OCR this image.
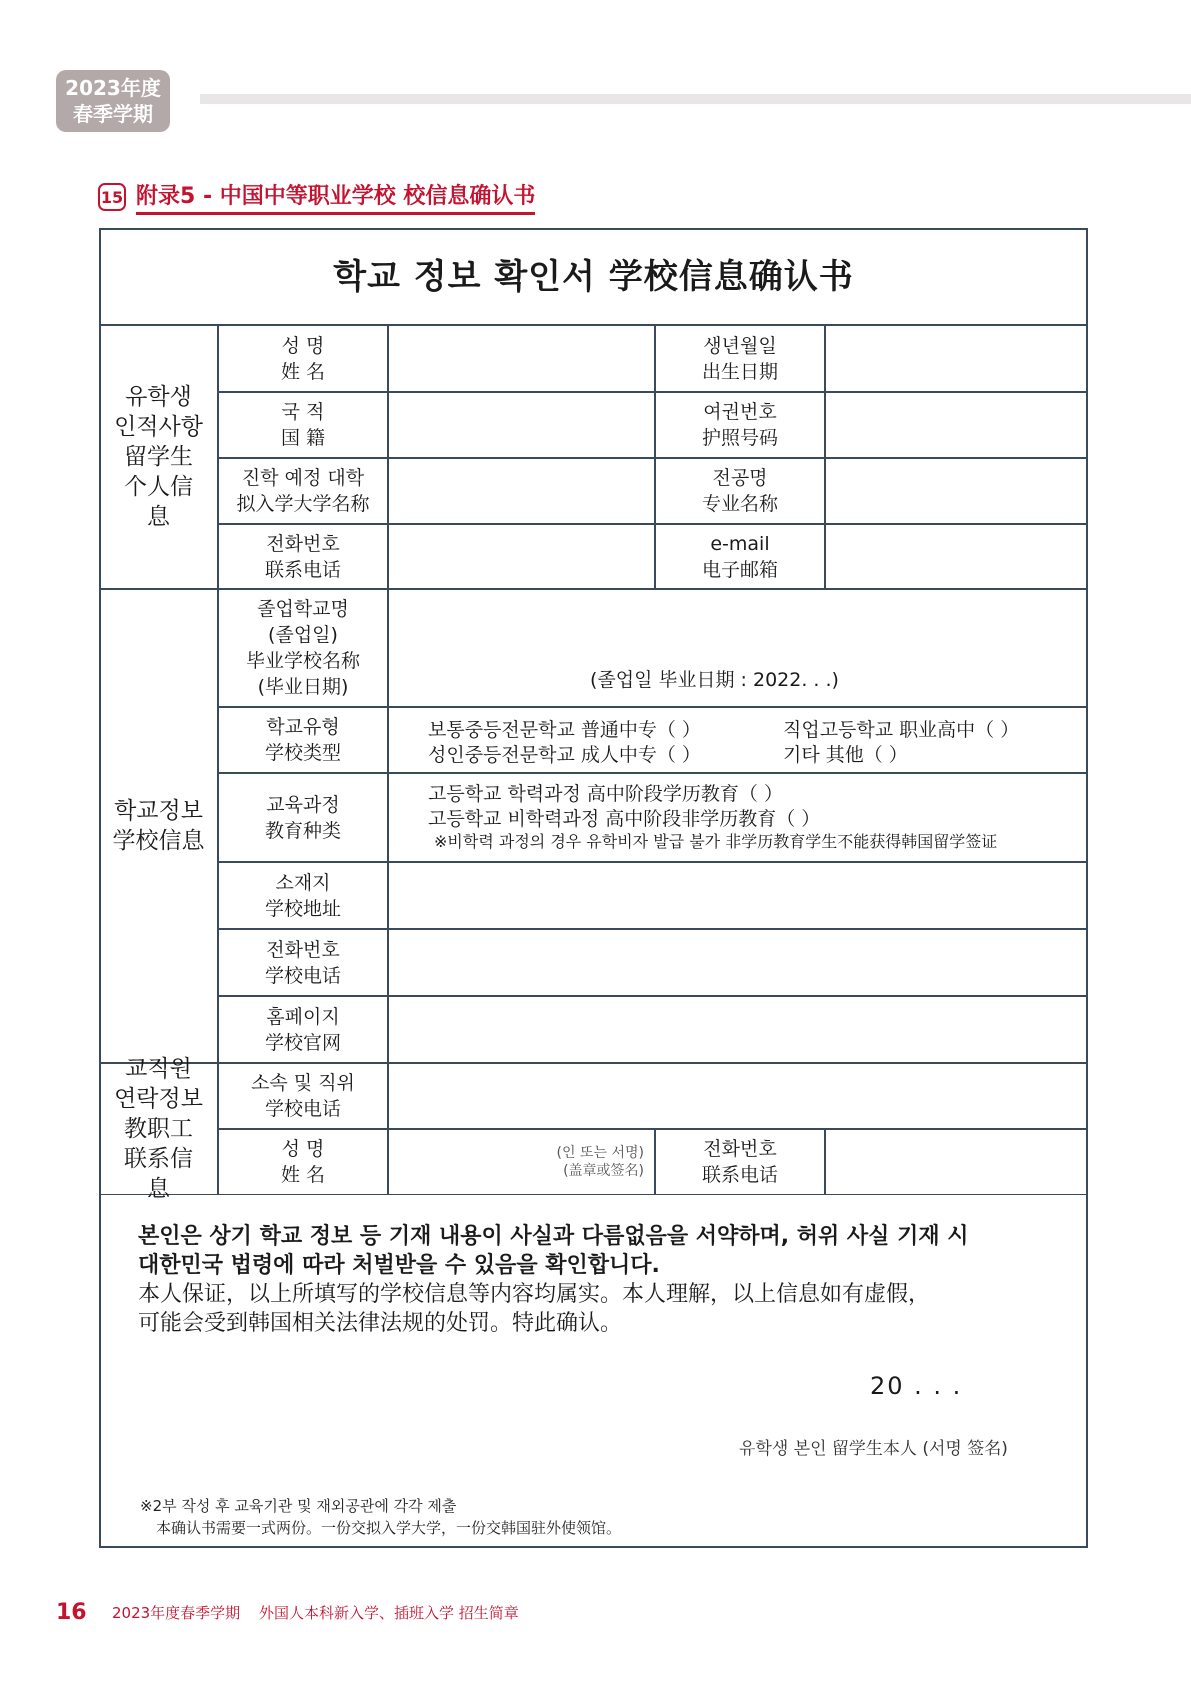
2023年度
春季学期
15 附录5 - 中国中等职业学校 校信息确认书
학교 정보 확인서 学校信息确认书
유학생 인적사항
留学生 个人信息
성 명
姓 名
생년월일
出生日期
국 적
国 籍
여권번호
护照号码
진학 예정 대학
拟入学大学名称
전공명
专业名称
전화번호
联系电话
e-mail
电子邮箱
학교정보
学校信息
졸업학교명
(졸업일)
毕业学校名称
(毕业日期)
학교유형
学校类型
교육과정
教育种类
소재지
学校地址
전화번호
学校电话
홈페이지
学校官网
교직원 연락정보
教职工 联系信息
소속 및 직위
学校电话
성 명
姓 名
(인 또는 서명)
(盖章或签名)
전화번호
联系电话
(졸업일 毕业日期 : 2022. . .)
보통중등전문학교 普通中专（ ）	직업고등학교 职业高中（ ）
성인중등전문학교 成人中专（ ）	기타 其他（ ）
고등학교 학력과정 高中阶段学历教育（ ）
고등학교 비학력과정 高中阶段非学历教育（ ）
※비학력 과정의 경우 유학비자 발급 불가 非学历教育学生不能获得韩国留学签证
본인은 상기 학교 정보 등 기재 내용이 사실과 다름없음을 서약하며, 허위 사실 기재 시
대한민국 법령에 따라 처벌받을 수 있음을 확인합니다.
本人保证，以上所填写的学校信息等内容均属实。本人理解，以上信息如有虚假，
可能会受到韩国相关法律法规的处罚。特此确认。
20 . . .
유학생 본인 留学生本人 (서명 签名)
※2부 작성 후 교육기관 및 재외공관에 각각 제출
本确认书需要一式两份。一份交拟入学大学，一份交韩国驻外使领馆。
16 2023年度春季学期 外国人本科新入学、插班入学 招生简章
